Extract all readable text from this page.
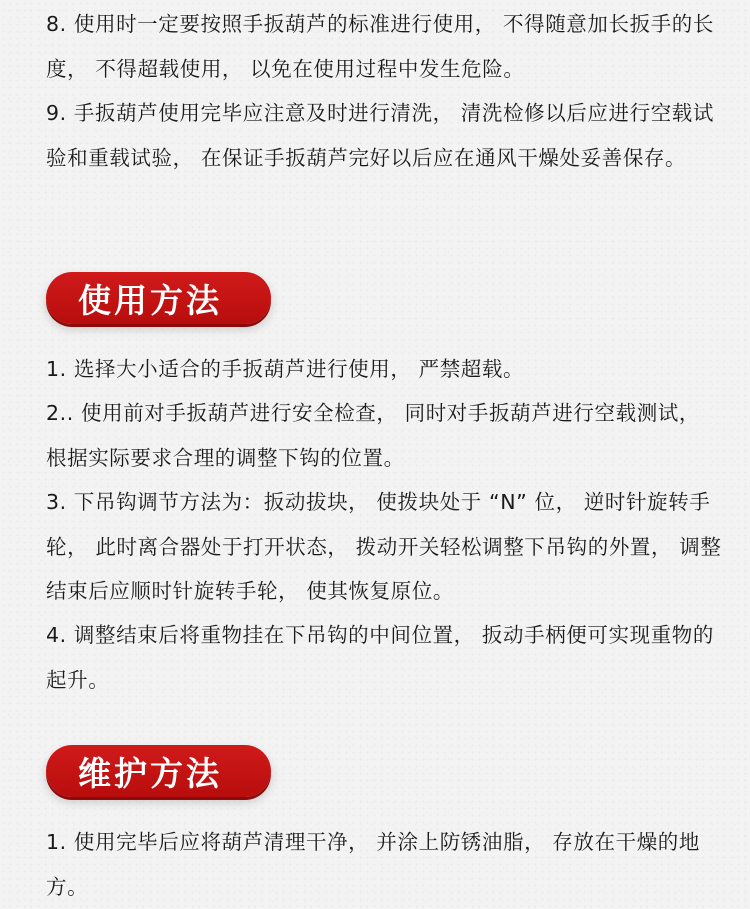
8. 使用时一定要按照手扳葫芦的标准进行使用， 不得随意加长扳手的长度， 不得超载使用， 以免在使用过程中发生危险。

9. 手扳葫芦使用完毕应注意及时进行清洗， 清洗检修以后应进行空载试验和重载试验， 在保证手扳葫芦完好以后应在通风干燥处妥善保存。

使用方法

1. 选择大小适合的手扳葫芦进行使用， 严禁超载。

2.. 使用前对手扳葫芦进行安全检查， 同时对手扳葫芦进行空载测试， 根据实际要求合理的调整下钩的位置。

3. 下吊钩调节方法为：扳动拔块， 使拨块处于 “N” 位， 逆时针旋转手轮， 此时离合器处于打开状态， 拨动开关轻松调整下吊钩的外置， 调整结束后应顺时针旋转手轮， 使其恢复原位。

4. 调整结束后将重物挂在下吊钩的中间位置， 扳动手柄便可实现重物的起升。

维护方法

1. 使用完毕后应将葫芦清理干净， 并涂上防锈油脂， 存放在干燥的地方。
